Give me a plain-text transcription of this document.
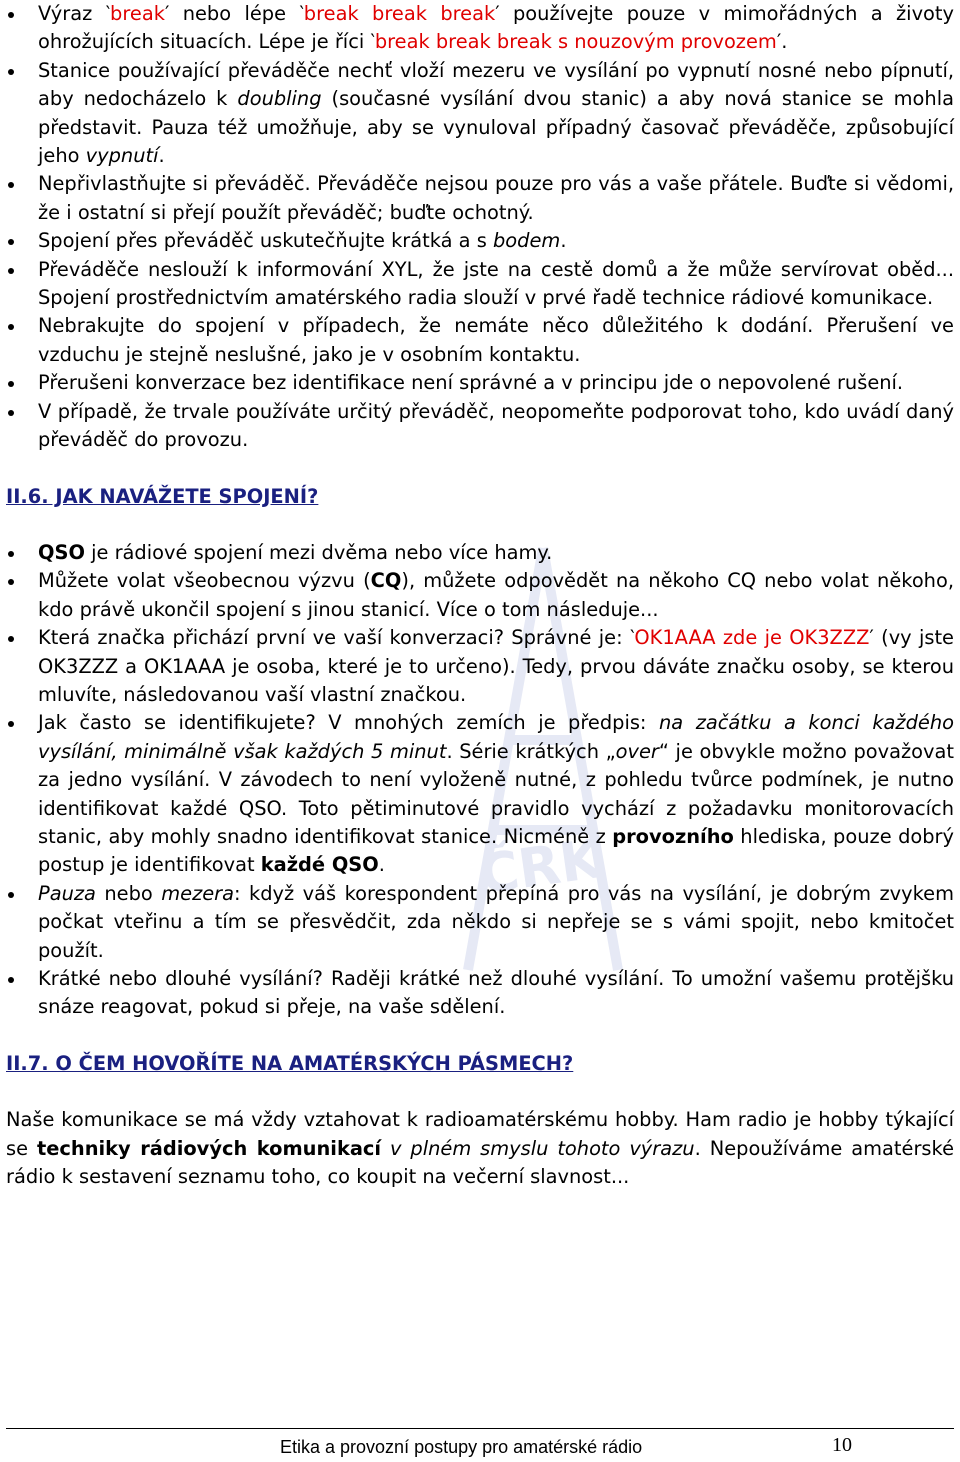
ČRK
Výraz ‵break′ nebo lépe ‵break break break′ používejte pouze v mimořádných a životy ohrožujících situacích. Lépe je říci ‵break break break s nouzovým provozem′.
Stanice používající převáděče nechť vloží mezeru ve vysílání po vypnutí nosné nebo pípnutí, aby nedocházelo k doubling (současné vysílání dvou stanic) a aby nová stanice se mohla představit. Pauza též umožňuje, aby se vynuloval případný časovač převáděče, způsobující jeho vypnutí.
Nepřivlastňujte si převáděč. Převáděče nejsou pouze pro vás a vaše přátele. Buďte si vědomi, že i ostatní si přejí použít převáděč; buďte ochotný.
Spojení přes převáděč uskutečňujte krátká a s bodem.
Převáděče neslouží k informování XYL, že jste na cestě domů a že může servírovat oběd... Spojení prostřednictvím amatérského radia slouží v prvé řadě technice rádiové komunikace.
Nebrakujte do spojení v případech, že nemáte něco důležitého k dodání. Přerušení ve vzduchu je stejně neslušné, jako je v osobním kontaktu.
Přerušeni konverzace bez identifikace není správné a v principu jde o nepovolené rušení.
V případě, že trvale používáte určitý převáděč, neopomeňte podporovat toho, kdo uvádí daný převáděč do provozu.
II.6. JAK NAVÁŽETE SPOJENÍ?
QSO je rádiové spojení mezi dvěma nebo více hamy.
Můžete volat všeobecnou výzvu (CQ), můžete odpovědět na někoho CQ nebo volat někoho, kdo právě ukončil spojení s jinou stanicí. Více o tom následuje...
Která značka přichází první ve vaší konverzaci? Správné je: ‵OK1AAA zde je OK3ZZZ′ (vy jste OK3ZZZ a OK1AAA je osoba, které je to určeno). Tedy, prvou dáváte značku osoby, se kterou mluvíte, následovanou vaší vlastní značkou.
Jak často se identifikujete? V mnohých zemích je předpis: na začátku a konci každého vysílání, minimálně však každých 5 minut. Série krátkých „over“ je obvykle možno považovat za jedno vysílání. V závodech to není vyloženě nutné, z pohledu tvůrce podmínek, je nutno identifikovat každé QSO. Toto pětiminutové pravidlo vychází z požadavku monitorovacích stanic, aby mohly snadno identifikovat stanice. Nicméně z provozního hlediska, pouze dobrý postup je identifikovat každé QSO.
Pauza nebo mezera: když váš korespondent přepíná pro vás na vysílání, je dobrým zvykem počkat vteřinu a tím se přesvědčit, zda někdo si nepřeje se s vámi spojit, nebo kmitočet použít.
Krátké nebo dlouhé vysílání? Raději krátké než dlouhé vysílání. To umožní vašemu protějšku snáze reagovat, pokud si přeje, na vaše sdělení.
II.7. O ČEM HOVOŘÍTE NA AMATÉRSKÝCH PÁSMECH?

Naše komunikace se má vždy vztahovat k radioamatérskému hobby. Ham radio je hobby týkající se techniky rádiových komunikací v plném smyslu tohoto výrazu. Nepoužíváme amatérské rádio k sestavení seznamu toho, co koupit na večerní slavnost...

Etika a provozní postupy pro amatérské rádio	10
